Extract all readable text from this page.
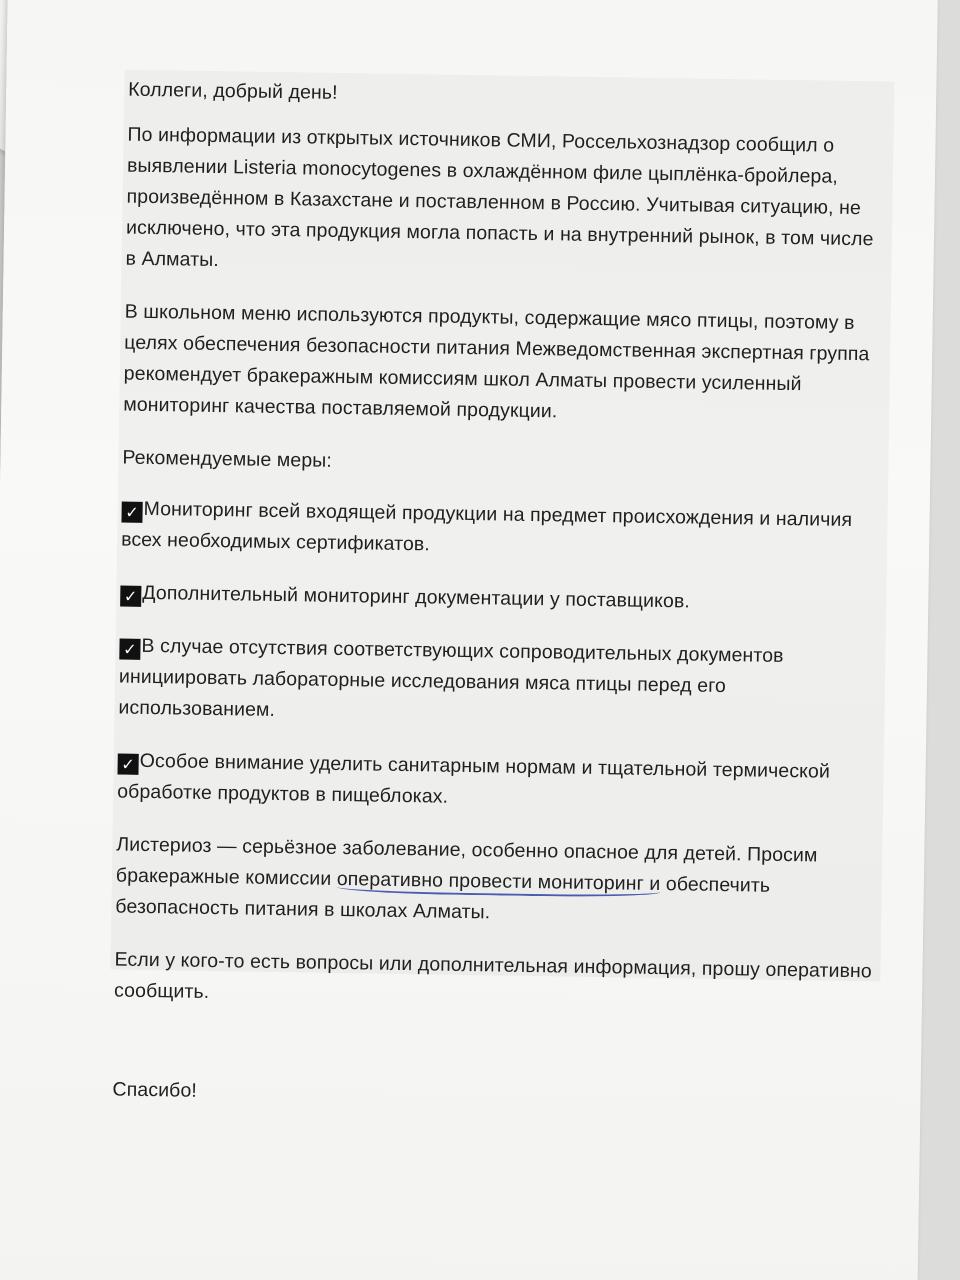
Коллеги, добрый день!

По информации из открытых источников СМИ, Россельхознадзор сообщил о выявлении Listeria monocytogenes в охлаждённом филе цыплёнка-бройлера, произведённом в Казахстане и поставленном в Россию. Учитывая ситуацию, не исключено, что эта продукция могла попасть и на внутренний рынок, в том числе в Алматы.

В школьном меню используются продукты, содержащие мясо птицы, поэтому в целях обеспечения безопасности питания Межведомственная экспертная группа рекомендует бракеражным комиссиям школ Алматы провести усиленный мониторинг качества поставляемой продукции.

Рекомендуемые меры:

✓ Мониторинг всей входящей продукции на предмет происхождения и наличия всех необходимых сертификатов.
✓ Дополнительный мониторинг документации у поставщиков.
✓ В случае отсутствия соответствующих сопроводительных документов инициировать лабораторные исследования мяса птицы перед его использованием.
✓ Особое внимание уделить санитарным нормам и тщательной термической обработке продуктов в пищеблоках.

Листериоз — серьёзное заболевание, особенно опасное для детей. Просим бракеражные комиссии оперативно провести мониторинг и обеспечить безопасность питания в школах Алматы.

Если у кого-то есть вопросы или дополнительная информация, прошу оперативно сообщить.

Спасибо!
